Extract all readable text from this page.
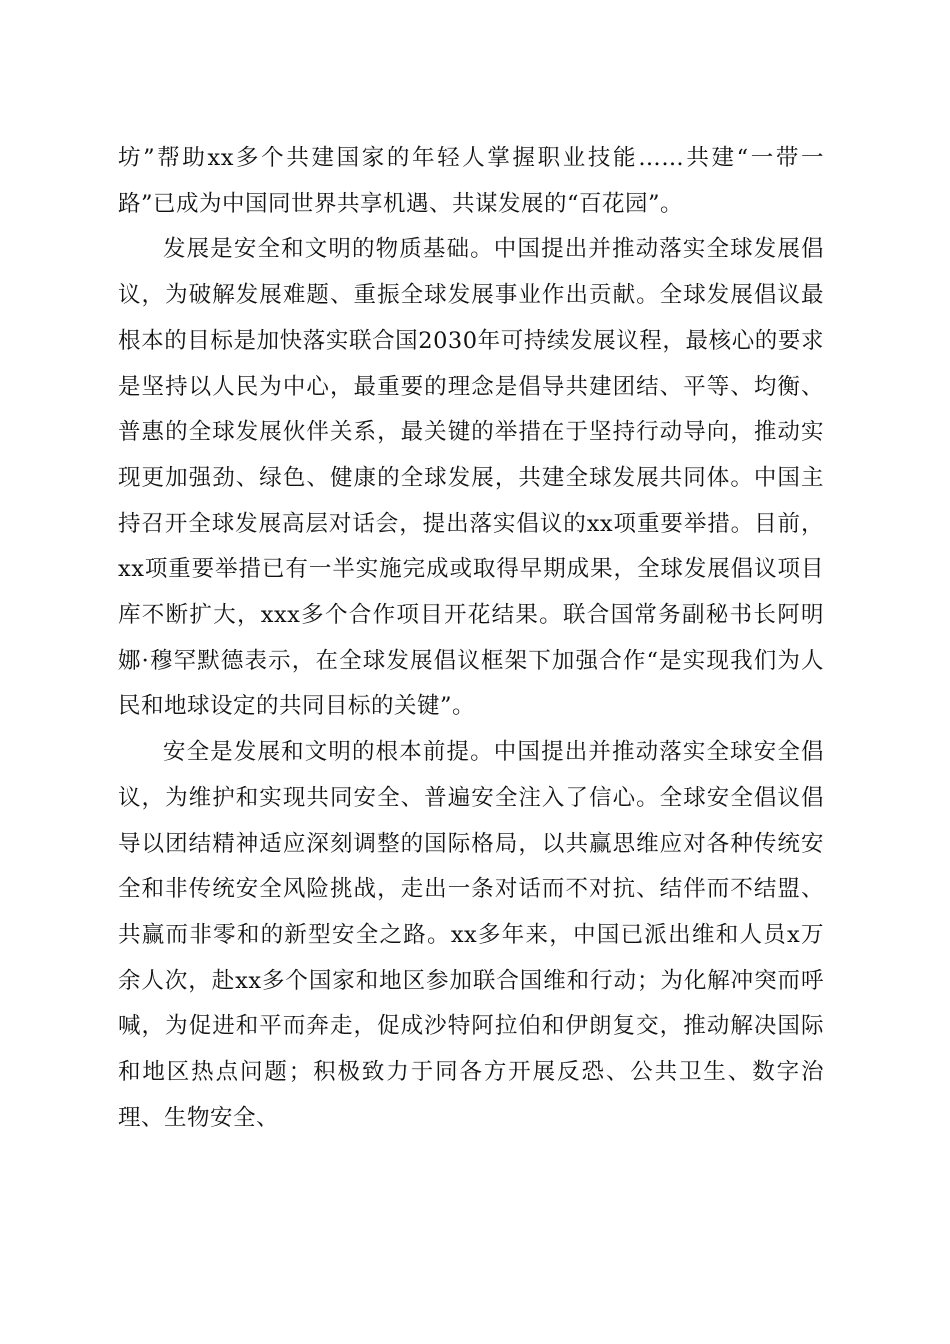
坊”帮助xx多个共建国家的年轻人掌握职业技能……共建“一带一路”已成为中国同世界共享机遇、共谋发展的“百花园”。

发展是安全和文明的物质基础。中国提出并推动落实全球发展倡议，为破解发展难题、重振全球发展事业作出贡献。全球发展倡议最根本的目标是加快落实联合国2030年可持续发展议程，最核心的要求是坚持以人民为中心，最重要的理念是倡导共建团结、平等、均衡、普惠的全球发展伙伴关系，最关键的举措在于坚持行动导向，推动实现更加强劲、绿色、健康的全球发展，共建全球发展共同体。中国主持召开全球发展高层对话会，提出落实倡议的xx项重要举措。目前，xx项重要举措已有一半实施完成或取得早期成果，全球发展倡议项目库不断扩大，xxx多个合作项目开花结果。联合国常务副秘书长阿明娜·穆罕默德表示，在全球发展倡议框架下加强合作“是实现我们为人民和地球设定的共同目标的关键”。

安全是发展和文明的根本前提。中国提出并推动落实全球安全倡议，为维护和实现共同安全、普遍安全注入了信心。全球安全倡议倡导以团结精神适应深刻调整的国际格局，以共赢思维应对各种传统安全和非传统安全风险挑战，走出一条对话而不对抗、结伴而不结盟、共赢而非零和的新型安全之路。xx多年来，中国已派出维和人员x万余人次，赴xx多个国家和地区参加联合国维和行动；为化解冲突而呼喊，为促进和平而奔走，促成沙特阿拉伯和伊朗复交，推动解决国际和地区热点问题；积极致力于同各方开展反恐、公共卫生、数字治理、生物安全、
